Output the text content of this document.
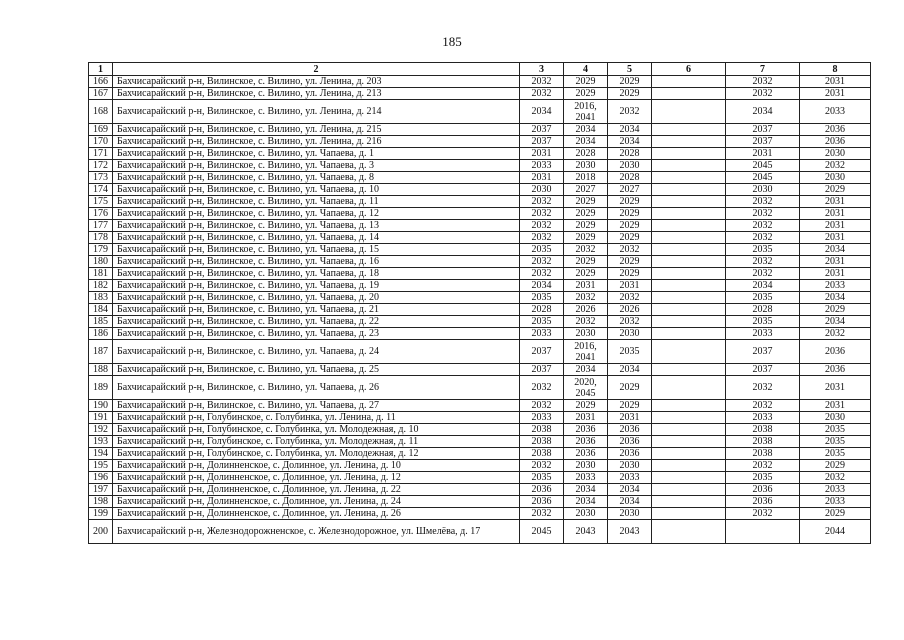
185
1	2	3	4	5	6	7	8
166	Бахчисарайский р-н, Вилинское, с. Вилино, ул. Ленина, д. 203	2032	2029	2029		2032	2031
167	Бахчисарайский р-н, Вилинское, с. Вилино, ул. Ленина, д. 213	2032	2029	2029		2032	2031
168	Бахчисарайский р-н, Вилинское, с. Вилино, ул. Ленина, д. 214	2034	2016, 2041	2032		2034	2033
169	Бахчисарайский р-н, Вилинское, с. Вилино, ул. Ленина, д. 215	2037	2034	2034		2037	2036
170	Бахчисарайский р-н, Вилинское, с. Вилино, ул. Ленина, д. 216	2037	2034	2034		2037	2036
171	Бахчисарайский р-н, Вилинское, с. Вилино, ул. Чапаева, д. 1	2031	2028	2028		2031	2030
172	Бахчисарайский р-н, Вилинское, с. Вилино, ул. Чапаева, д. 3	2033	2030	2030		2045	2032
173	Бахчисарайский р-н, Вилинское, с. Вилино, ул. Чапаева, д. 8	2031	2018	2028		2045	2030
174	Бахчисарайский р-н, Вилинское, с. Вилино, ул. Чапаева, д. 10	2030	2027	2027		2030	2029
175	Бахчисарайский р-н, Вилинское, с. Вилино, ул. Чапаева, д. 11	2032	2029	2029		2032	2031
176	Бахчисарайский р-н, Вилинское, с. Вилино, ул. Чапаева, д. 12	2032	2029	2029		2032	2031
177	Бахчисарайский р-н, Вилинское, с. Вилино, ул. Чапаева, д. 13	2032	2029	2029		2032	2031
178	Бахчисарайский р-н, Вилинское, с. Вилино, ул. Чапаева, д. 14	2032	2029	2029		2032	2031
179	Бахчисарайский р-н, Вилинское, с. Вилино, ул. Чапаева, д. 15	2035	2032	2032		2035	2034
180	Бахчисарайский р-н, Вилинское, с. Вилино, ул. Чапаева, д. 16	2032	2029	2029		2032	2031
181	Бахчисарайский р-н, Вилинское, с. Вилино, ул. Чапаева, д. 18	2032	2029	2029		2032	2031
182	Бахчисарайский р-н, Вилинское, с. Вилино, ул. Чапаева, д. 19	2034	2031	2031		2034	2033
183	Бахчисарайский р-н, Вилинское, с. Вилино, ул. Чапаева, д. 20	2035	2032	2032		2035	2034
184	Бахчисарайский р-н, Вилинское, с. Вилино, ул. Чапаева, д. 21	2028	2026	2026		2028	2029
185	Бахчисарайский р-н, Вилинское, с. Вилино, ул. Чапаева, д. 22	2035	2032	2032		2035	2034
186	Бахчисарайский р-н, Вилинское, с. Вилино, ул. Чапаева, д. 23	2033	2030	2030		2033	2032
187	Бахчисарайский р-н, Вилинское, с. Вилино, ул. Чапаева, д. 24	2037	2016, 2041	2035		2037	2036
188	Бахчисарайский р-н, Вилинское, с. Вилино, ул. Чапаева, д. 25	2037	2034	2034		2037	2036
189	Бахчисарайский р-н, Вилинское, с. Вилино, ул. Чапаева, д. 26	2032	2020, 2045	2029		2032	2031
190	Бахчисарайский р-н, Вилинское, с. Вилино, ул. Чапаева, д. 27	2032	2029	2029		2032	2031
191	Бахчисарайский р-н, Голубинское, с. Голубинка, ул. Ленина, д. 11	2033	2031	2031		2033	2030
192	Бахчисарайский р-н, Голубинское, с. Голубинка, ул. Молодежная, д. 10	2038	2036	2036		2038	2035
193	Бахчисарайский р-н, Голубинское, с. Голубинка, ул. Молодежная, д. 11	2038	2036	2036		2038	2035
194	Бахчисарайский р-н, Голубинское, с. Голубинка, ул. Молодежная, д. 12	2038	2036	2036		2038	2035
195	Бахчисарайский р-н, Долинненское, с. Долинное, ул. Ленина, д. 10	2032	2030	2030		2032	2029
196	Бахчисарайский р-н, Долинненское, с. Долинное, ул. Ленина, д. 12	2035	2033	2033		2035	2032
197	Бахчисарайский р-н, Долинненское, с. Долинное, ул. Ленина, д. 22	2036	2034	2034		2036	2033
198	Бахчисарайский р-н, Долинненское, с. Долинное, ул. Ленина, д. 24	2036	2034	2034		2036	2033
199	Бахчисарайский р-н, Долинненское, с. Долинное, ул. Ленина, д. 26	2032	2030	2030		2032	2029
200	Бахчисарайский р-н, Железнодорожненское, с. Железнодорожное, ул. Шмелёва, д. 17	2045	2043	2043			2044
